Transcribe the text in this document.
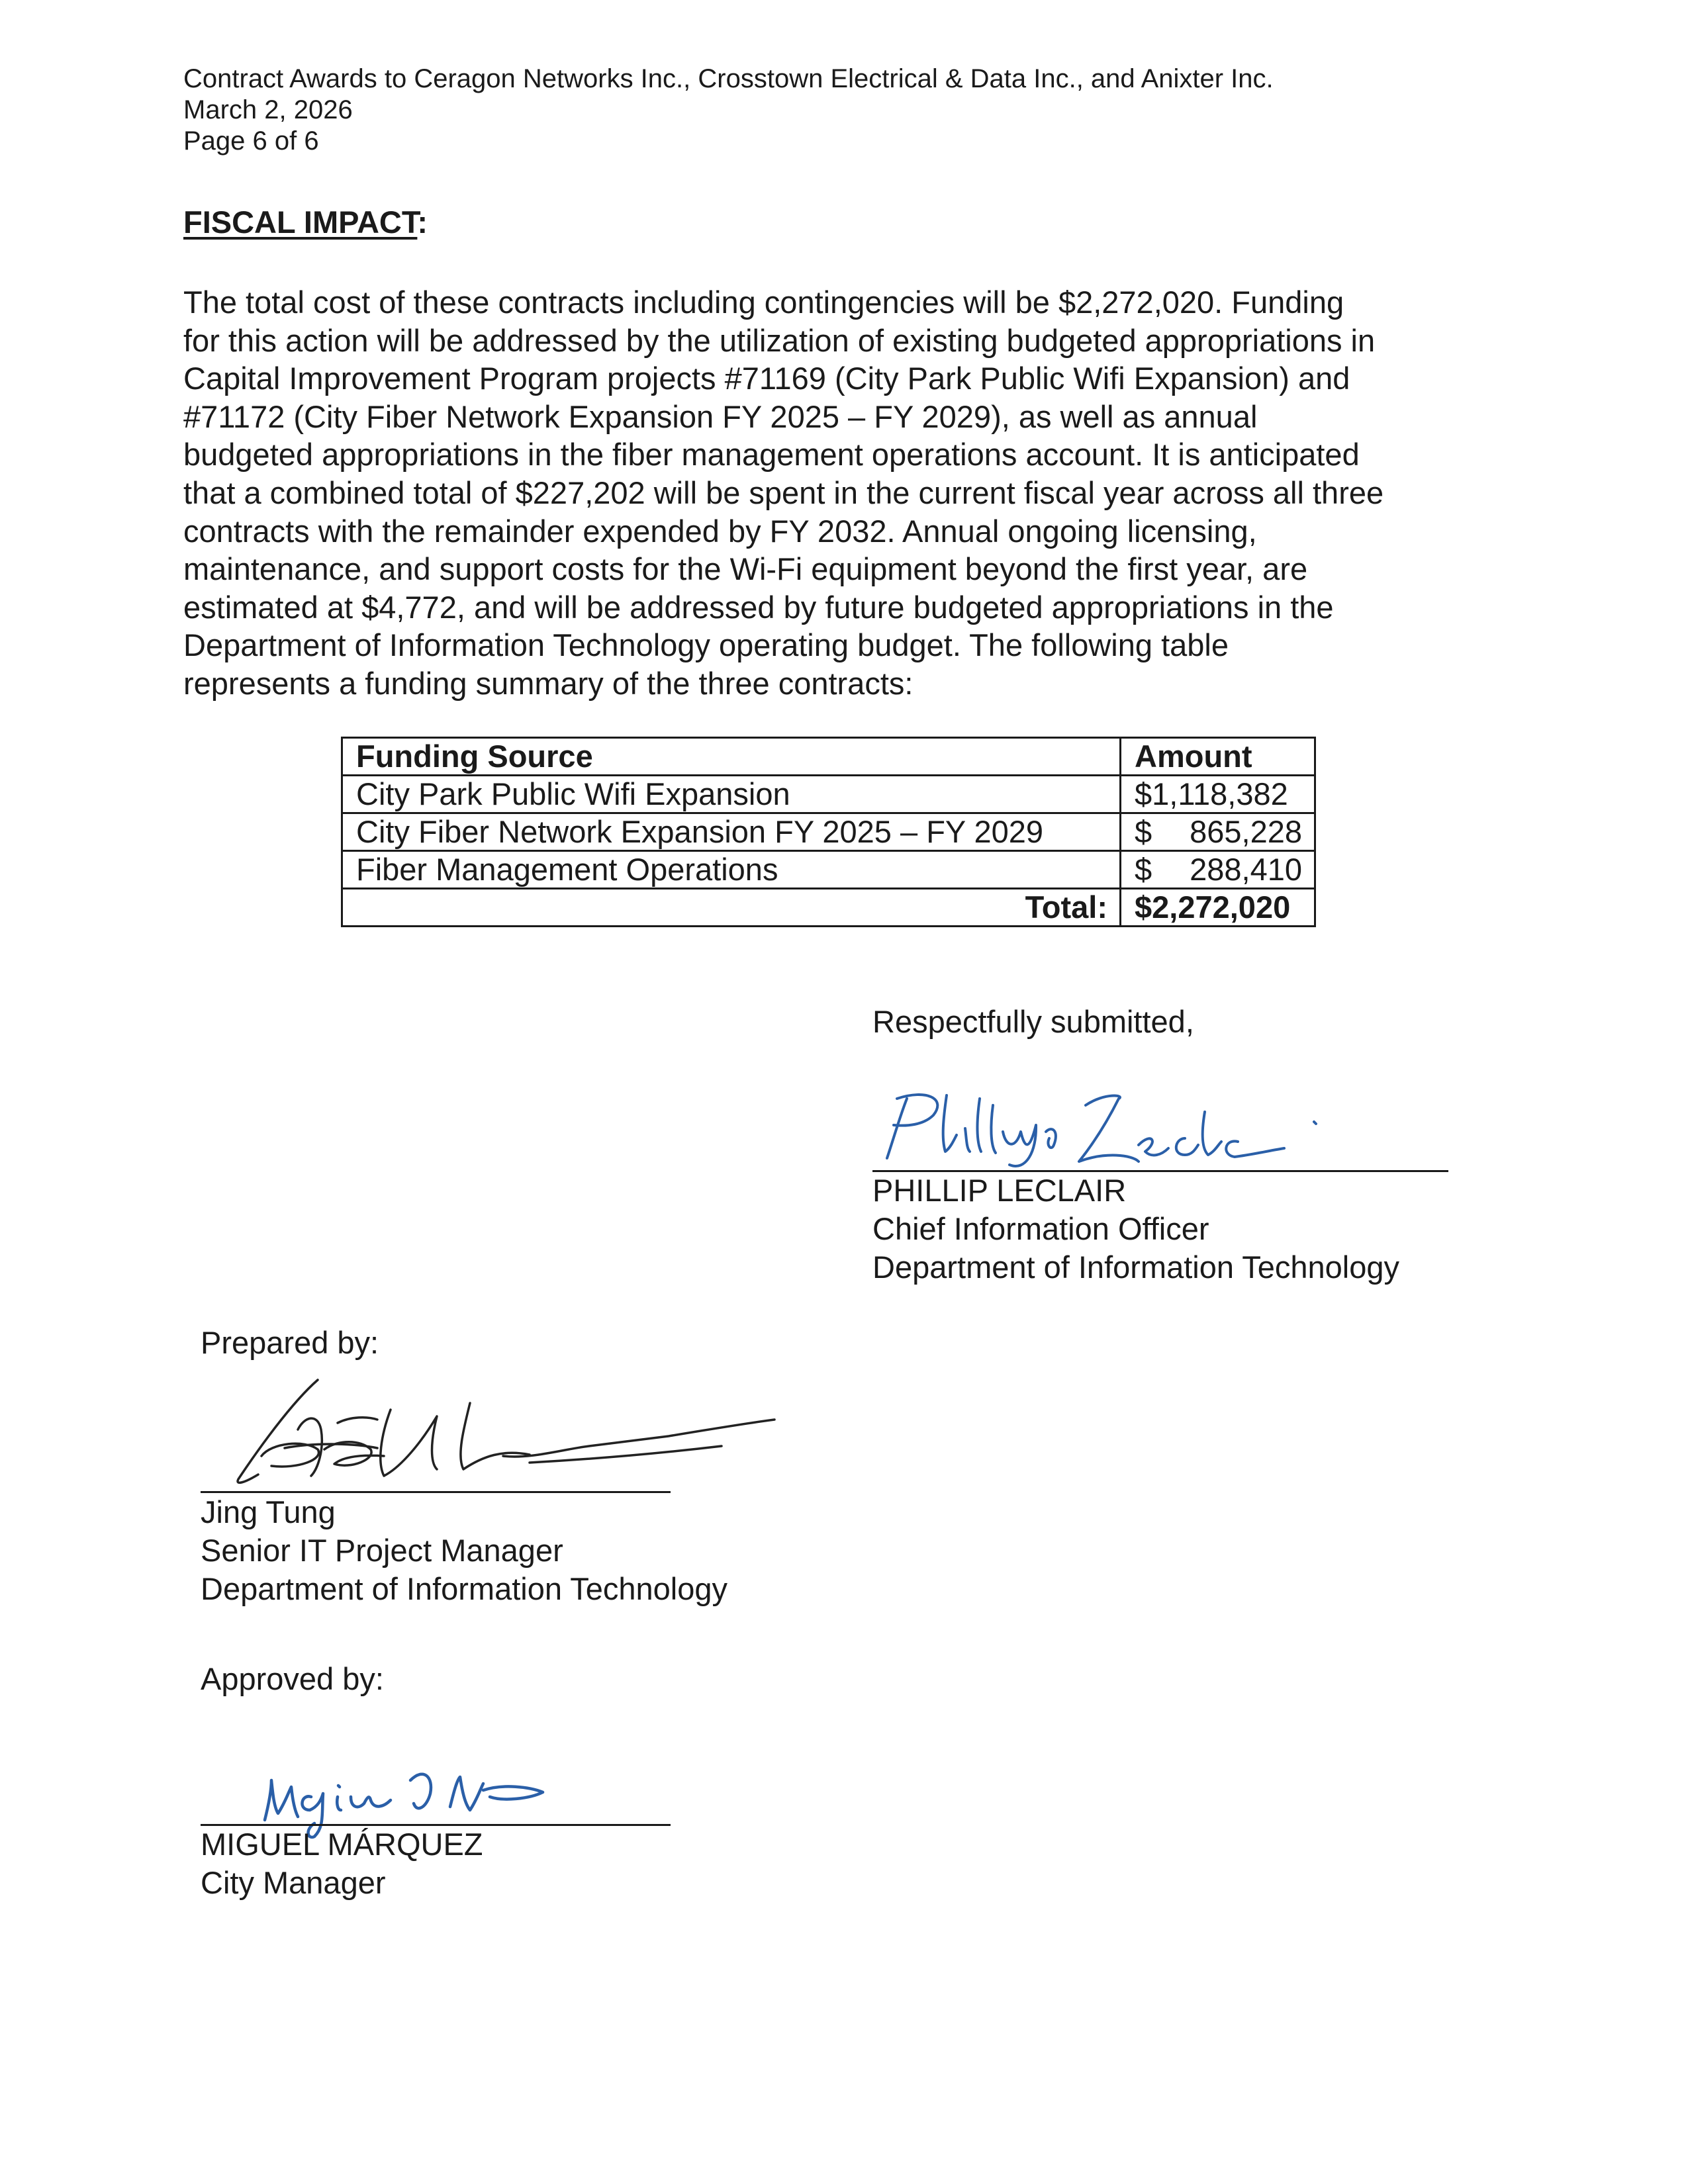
Contract Awards to Ceragon Networks Inc., Crosstown Electrical & Data Inc., and Anixter Inc.
March 2, 2026
Page 6 of 6
FISCAL IMPACT:
The total cost of these contracts including contingencies will be $2,272,020. Funding
for this action will be addressed by the utilization of existing budgeted appropriations in
Capital Improvement Program projects #71169 (City Park Public Wifi Expansion) and
#71172 (City Fiber Network Expansion FY 2025 – FY 2029), as well as annual
budgeted appropriations in the fiber management operations account. It is anticipated
that a combined total of $227,202 will be spent in the current fiscal year across all three
contracts with the remainder expended by FY 2032. Annual ongoing licensing,
maintenance, and support costs for the Wi-Fi equipment beyond the first year, are
estimated at $4,772, and will be addressed by future budgeted appropriations in the
Department of Information Technology operating budget. The following table
represents a funding summary of the three contracts:
Funding Source	Amount
City Park Public Wifi Expansion	$1,118,382

City Fiber Network Expansion FY 2025 – FY 2029	$ 865,228

Fiber Management Operations	$ 288,410

Total:	$2,272,020
Respectfully submitted,
PHILLIP LECLAIR
Chief Information Officer
Department of Information Technology
Prepared by:
Jing Tung
Senior IT Project Manager
Department of Information Technology
Approved by:
MIGUEL MÁRQUEZ
City Manager
